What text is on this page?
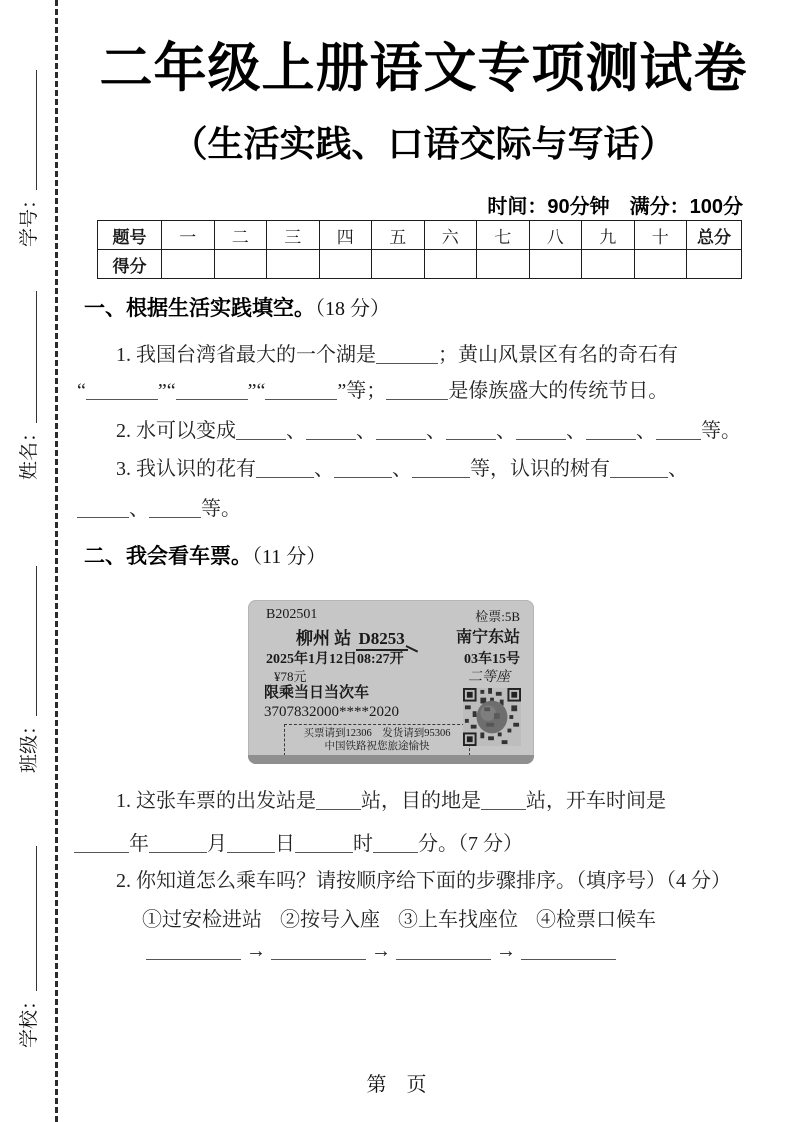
学号：
姓名：
班级：
学校：
二年级上册语文专项测试卷
（生活实践、口语交际与写话）
时间：90分钟　满分：100分
题号	一	二	三	四	五	六	七	八	九	十	总分
得分											
一、根据生活实践填空。（18 分）
1. 我国台湾省最大的一个湖是	；黄山风景区有名的奇石有
“	”“	”“	”等；	是傣族盛大的传统节日。
2. 水可以变成	、	、	、	、	、	、 等。
3. 我认识的花有	、	、	等，认识的树有	、
、	等。
二、我会看车票。（11 分）
B202501	检票:5B
柳州 站 D8253	南宁东站
2025年1月12日08:27开	03车15号
¥78元	二等座
限乘当日当次车
3707832000****2020
买票请到12306　发货请到95306
中国铁路祝您旅途愉快
1. 这张车票的出发站是 站，目的地是 站，开车时间是
年	月 日	时 分。（7 分）
2. 你知道怎么乘车吗？请按顺序给下面的步骤排序。（填序号）（4 分）
①过安检进站 ②按号入座 ③上车找座位 ④检票口候车
→	→	→
第　页
